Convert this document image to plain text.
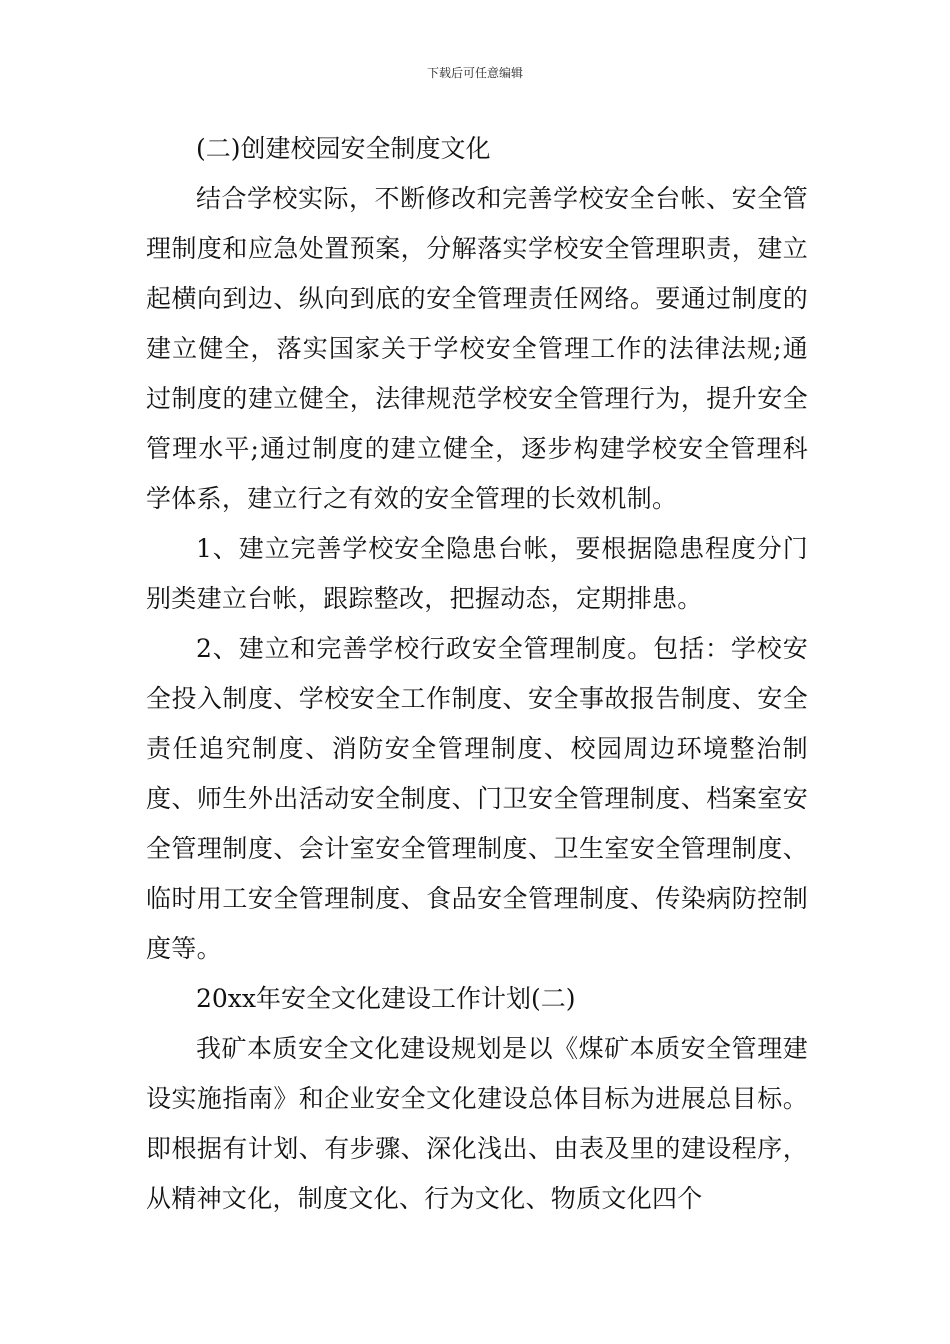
下载后可任意编辑

(二)创建校园安全制度文化

结合学校实际，不断修改和完善学校安全台帐、安全管理制度和应急处置预案，分解落实学校安全管理职责，建立起横向到边、纵向到底的安全管理责任网络。要通过制度的建立健全，落实国家关于学校安全管理工作的法律法规;通过制度的建立健全，法律规范学校安全管理行为，提升安全管理水平;通过制度的建立健全，逐步构建学校安全管理科学体系，建立行之有效的安全管理的长效机制。

1、建立完善学校安全隐患台帐，要根据隐患程度分门别类建立台帐，跟踪整改，把握动态，定期排患。

2、建立和完善学校行政安全管理制度。包括：学校安全投入制度、学校安全工作制度、安全事故报告制度、安全责任追究制度、消防安全管理制度、校园周边环境整治制度、师生外出活动安全制度、门卫安全管理制度、档案室安全管理制度、会计室安全管理制度、卫生室安全管理制度、临时用工安全管理制度、食品安全管理制度、传染病防控制度等。

20xx年安全文化建设工作计划(二)

我矿本质安全文化建设规划是以《煤矿本质安全管理建设实施指南》和企业安全文化建设总体目标为进展总目标。即根据有计划、有步骤、深化浅出、由表及里的建设程序，从精神文化，制度文化、行为文化、物质文化四个
